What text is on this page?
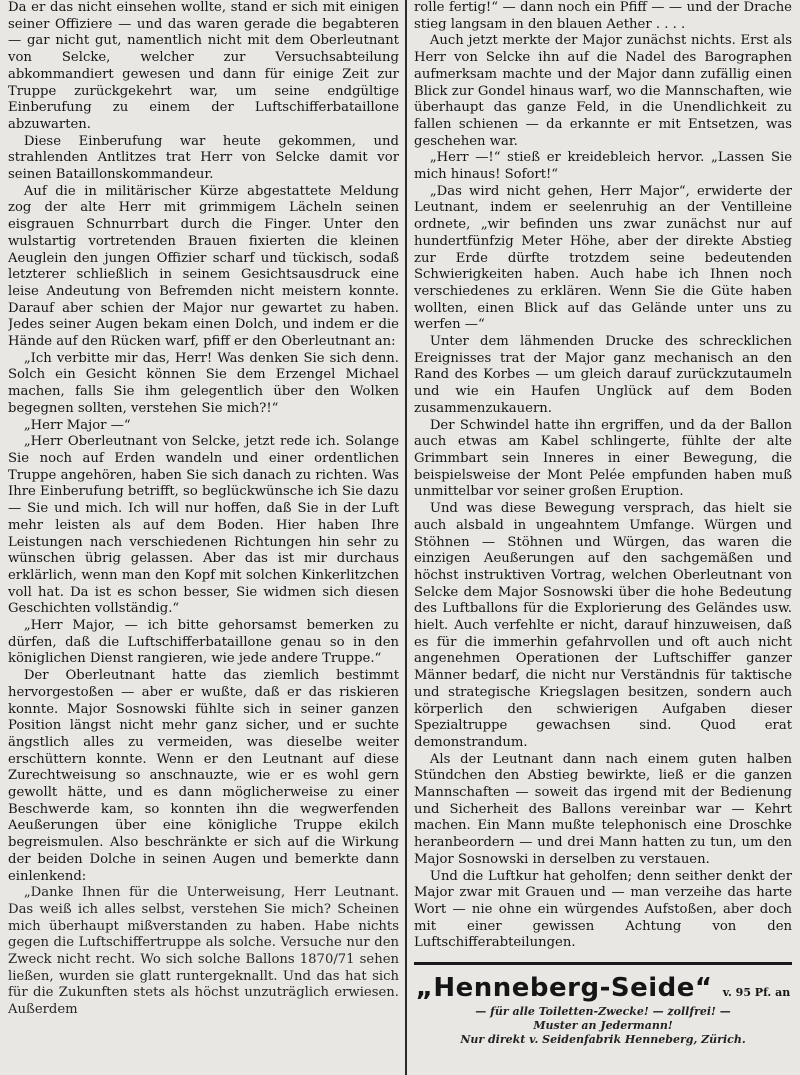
Da er das nicht einsehen wollte, stand er sich mit einigen seiner Offiziere — und das waren gerade die begabteren — gar nicht gut, namentlich nicht mit dem Oberleutnant von Selcke, welcher zur Versuchsabteilung abkommandiert gewesen und dann für einige Zeit zur Truppe zurückgekehrt war, um seine endgültige Einberufung zu einem der Luftschifferbataillone abzuwarten.

Diese Einberufung war heute gekommen, und strahlenden Antlitzes trat Herr von Selcke damit vor seinen Bataillonskommandeur.

Auf die in militärischer Kürze abgestattete Meldung zog der alte Herr mit grimmigem Lächeln seinen eisgrauen Schnurrbart durch die Finger. Unter den wulstartig vortretenden Brauen fixierten die kleinen Aeuglein den jungen Offizier scharf und tückisch, sodaß letzterer schließlich in seinem Gesichtsausdruck eine leise Andeutung von Befremden nicht meistern konnte. Darauf aber schien der Major nur gewartet zu haben. Jedes seiner Augen bekam einen Dolch, und indem er die Hände auf den Rücken warf, pfiff er den Oberleutnant an:

„Ich verbitte mir das, Herr! Was denken Sie sich denn. Solch ein Gesicht können Sie dem Erzengel Michael machen, falls Sie ihm gelegentlich über den Wolken begegnen sollten, verstehen Sie mich?!“

„Herr Major —“

„Herr Oberleutnant von Selcke, jetzt rede ich. Solange Sie noch auf Erden wandeln und einer ordentlichen Truppe angehören, haben Sie sich danach zu richten. Was Ihre Einberufung betrifft, so beglückwünsche ich Sie dazu — Sie und mich. Ich will nur hoffen, daß Sie in der Luft mehr leisten als auf dem Boden. Hier haben Ihre Leistungen nach verschiedenen Richtungen hin sehr zu wünschen übrig gelassen. Aber das ist mir durchaus erklärlich, wenn man den Kopf mit solchen Kinkerlitzchen voll hat. Da ist es schon besser, Sie widmen sich diesen Geschichten vollständig.“

„Herr Major, — ich bitte gehorsamst bemerken zu dürfen, daß die Luftschifferbataillone genau so in den königlichen Dienst rangieren, wie jede andere Truppe.“

Der Oberleutnant hatte das ziemlich bestimmt hervorgestoßen — aber er wußte, daß er das riskieren konnte. Major Sosnowski fühlte sich in seiner ganzen Position längst nicht mehr ganz sicher, und er suchte ängstlich alles zu vermeiden, was dieselbe weiter erschüttern konnte. Wenn er den Leutnant auf diese Zurechtweisung so anschnauzte, wie er es wohl gern gewollt hätte, und es dann möglicherweise zu einer Beschwerde kam, so konnten ihn die wegwerfenden Aeußerungen über eine königliche Truppe ekilch begreismulen. Also beschränkte er sich auf die Wirkung der beiden Dolche in seinen Augen und bemerkte dann einlenkend:

„Danke Ihnen für die Unterweisung, Herr Leutnant. Das weiß ich alles selbst, verstehen Sie mich? Scheinen mich überhaupt mißverstanden zu haben. Habe nichts gegen die Luftschiffertruppe als solche. Versuche nur den Zweck nicht recht. Wo sich solche Ballons 1870/71 sehen ließen, wurden sie glatt runtergeknallt. Und das hat sich für die Zukunften stets als höchst unzuträglich erwiesen. Außerdem

rolle fertig!“ — dann noch ein Pfiff — — und der Drache stieg langsam in den blauen Aether . . . .

Auch jetzt merkte der Major zunächst nichts. Erst als Herr von Selcke ihn auf die Nadel des Barographen aufmerksam machte und der Major dann zufällig einen Blick zur Gondel hinaus warf, wo die Mannschaften, wie überhaupt das ganze Feld, in die Unendlichkeit zu fallen schienen — da erkannte er mit Entsetzen, was geschehen war.

„Herr —!“ stieß er kreidebleich hervor. „Lassen Sie mich hinaus! Sofort!“

„Das wird nicht gehen, Herr Major“, erwiderte der Leutnant, indem er seelenruhig an der Ventilleine ordnete, „wir befinden uns zwar zunächst nur auf hundertfünfzig Meter Höhe, aber der direkte Abstieg zur Erde dürfte trotzdem seine bedeutenden Schwierigkeiten haben. Auch habe ich Ihnen noch verschiedenes zu erklären. Wenn Sie die Güte haben wollten, einen Blick auf das Gelände unter uns zu werfen —“

Unter dem lähmenden Drucke des schrecklichen Ereignisses trat der Major ganz mechanisch an den Rand des Korbes — um gleich darauf zurückzutaumeln und wie ein Haufen Unglück auf dem Boden zusammenzukauern.

Der Schwindel hatte ihn ergriffen, und da der Ballon auch etwas am Kabel schlingerte, fühlte der alte Grimmbart sein Inneres in einer Bewegung, die beispielsweise der Mont Pelée empfunden haben muß unmittelbar vor seiner großen Eruption.

Und was diese Bewegung versprach, das hielt sie auch alsbald in ungeahntem Umfange. Würgen und Stöhnen — Stöhnen und Würgen, das waren die einzigen Aeußerungen auf den sachgemäßen und höchst instruktiven Vortrag, welchen Oberleutnant von Selcke dem Major Sosnowski über die hohe Bedeutung des Luftballons für die Explorierung des Geländes usw. hielt. Auch verfehlte er nicht, darauf hinzuweisen, daß es für die immerhin gefahrvollen und oft auch nicht angenehmen Operationen der Luftschiffer ganzer Männer bedarf, die nicht nur Verständnis für taktische und strategische Kriegslagen besitzen, sondern auch körperlich den schwierigen Aufgaben dieser Spezialtruppe gewachsen sind. Quod erat demonstrandum.

Als der Leutnant dann nach einem guten halben Stündchen den Abstieg bewirkte, ließ er die ganzen Mannschaften — soweit das irgend mit der Bedienung und Sicherheit des Ballons vereinbar war — Kehrt machen. Ein Mann mußte telephonisch eine Droschke heranbeordern — und drei Mann hatten zu tun, um den Major Sosnowski in derselben zu verstauen.

Und die Luftkur hat geholfen; denn seither denkt der Major zwar mit Grauen und — man verzeihe das harte Wort — nie ohne ein würgendes Aufstoßen, aber doch mit einer gewissen Achtung von den Luftschifferabteilungen.

„Henneberg-Seide“ v. 95 Pf. an
— für alle Toiletten-Zwecke! — zollfrei! —
Muster an Jedermann!
Nur direkt v. Seidenfabrik Henneberg, Zürich.
